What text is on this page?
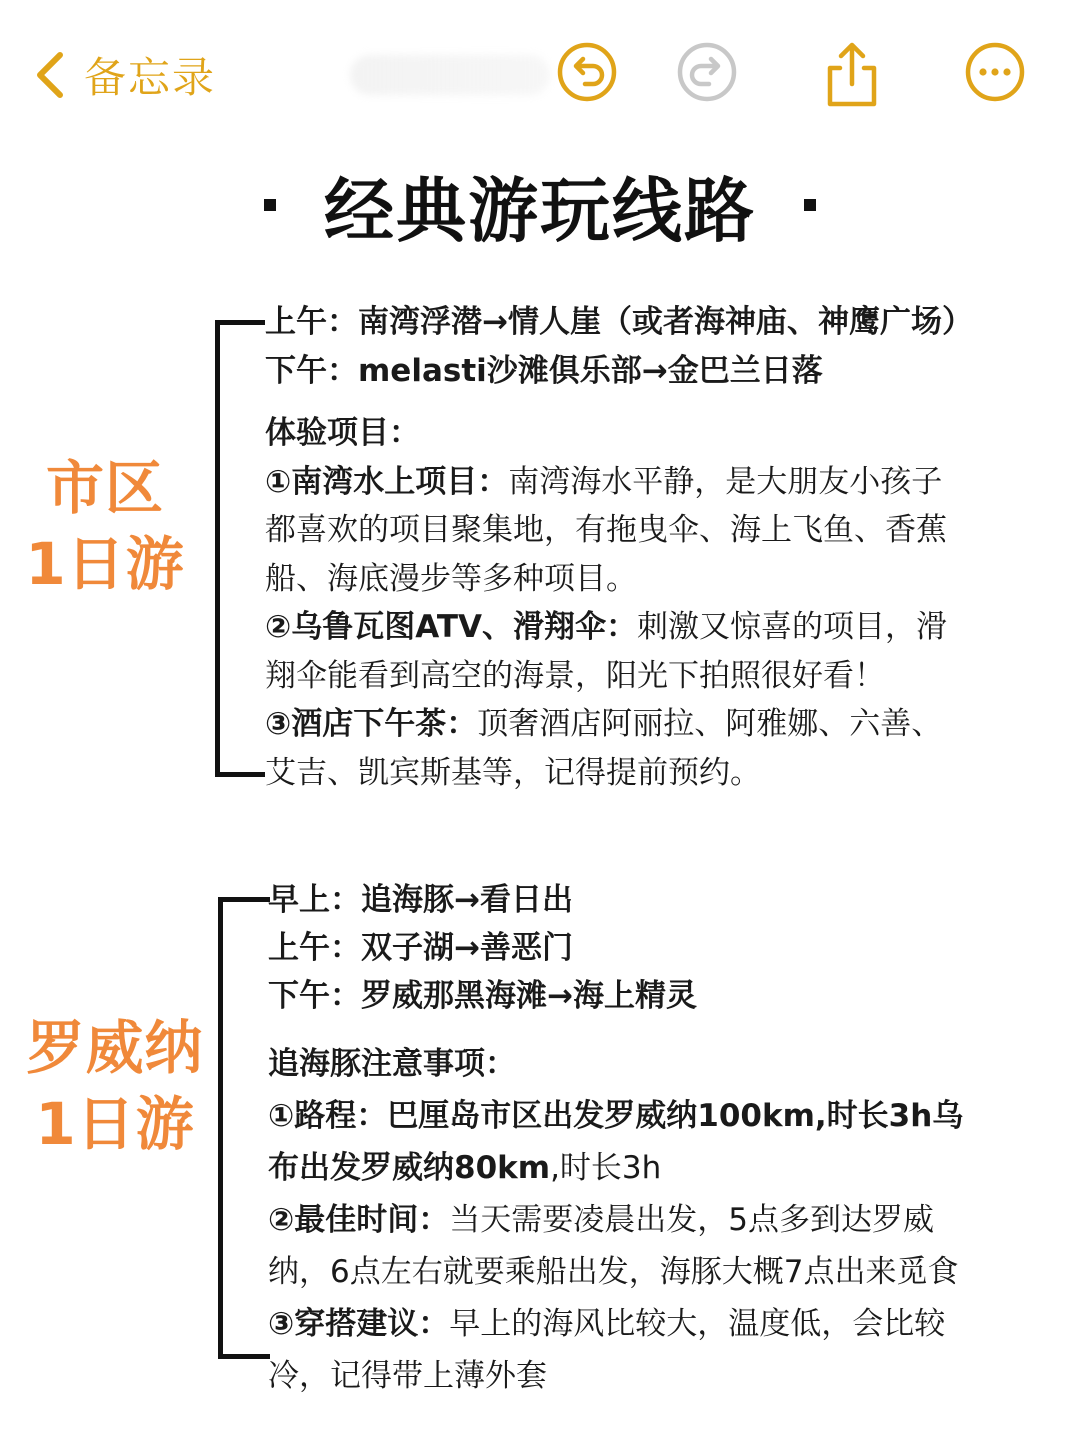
备忘录
经典游玩线路
市区
1日游
上午：南湾浮潜→情人崖（或者海神庙、神鹰广场）
下午：melasti沙滩俱乐部→金巴兰日落
体验项目：
①南湾水上项目：南湾海水平静，是大朋友小孩子
都喜欢的项目聚集地，有拖曳伞、海上飞鱼、香蕉
船、海底漫步等多种项目。
②乌鲁瓦图ATV、滑翔伞：刺激又惊喜的项目，滑
翔伞能看到高空的海景，阳光下拍照很好看！
③酒店下午茶：顶奢酒店阿丽拉、阿雅娜、六善、
艾吉、凯宾斯基等，记得提前预约。
罗威纳
1日游
早上：追海豚→看日出
上午：双子湖→善恶门
下午：罗威那黑海滩→海上精灵
追海豚注意事项：
①路程：巴厘岛市区出发罗威纳100km,时长3h乌
布出发罗威纳80km,时长3h
②最佳时间：当天需要凌晨出发，5点多到达罗威
纳，6点左右就要乘船出发，海豚大概7点出来觅食
③穿搭建议：早上的海风比较大，温度低，会比较
冷，记得带上薄外套
